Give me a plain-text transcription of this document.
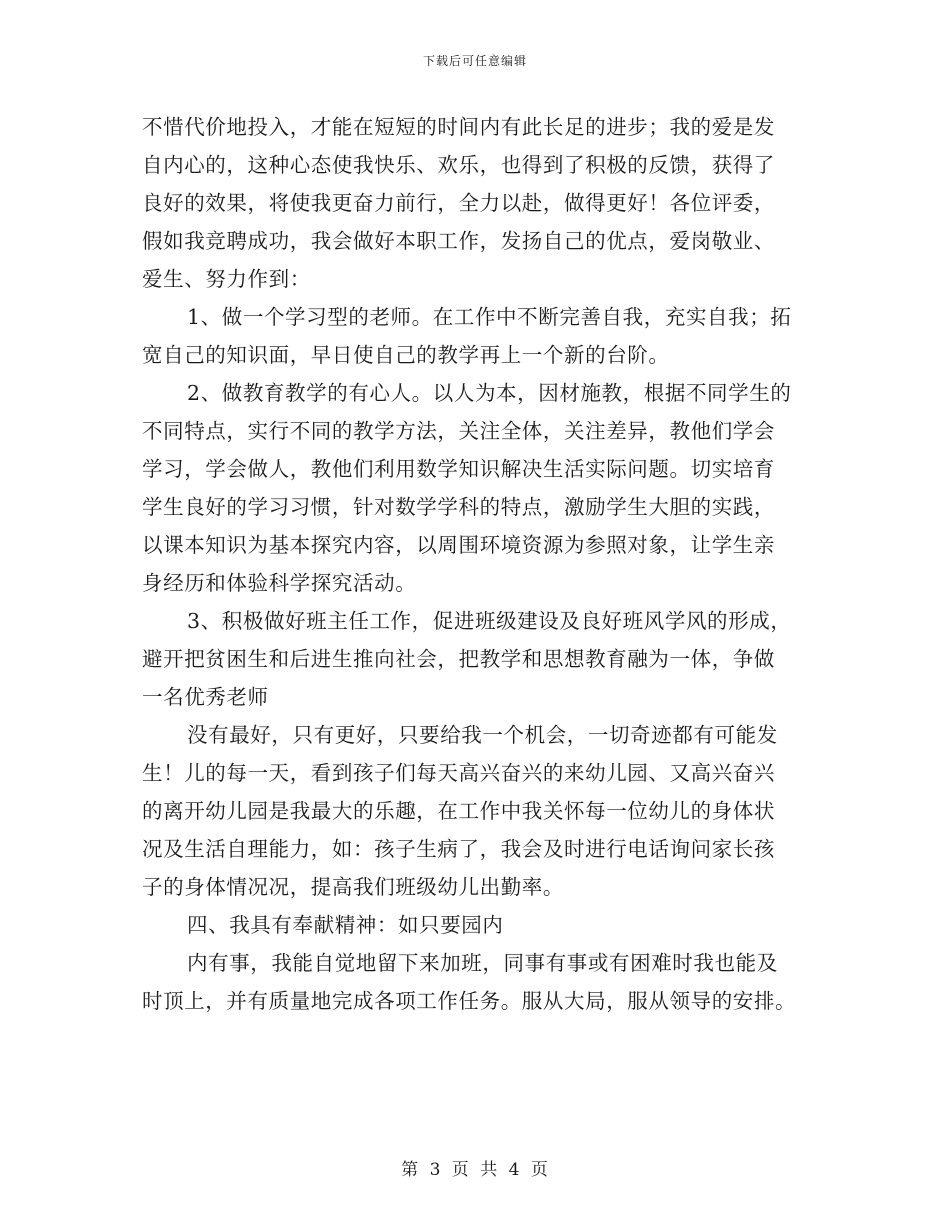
下载后可任意编辑
不惜代价地投入，才能在短短的时间内有此长足的进步；我的爱是发
自内心的，这种心态使我快乐、欢乐，也得到了积极的反馈，获得了
良好的效果，将使我更奋力前行，全力以赴，做得更好！各位评委，
假如我竞聘成功，我会做好本职工作，发扬自己的优点，爱岗敬业、
爱生、努力作到：
1、做一个学习型的老师。在工作中不断完善自我，充实自我；拓
宽自己的知识面，早日使自己的教学再上一个新的台阶。
2、做教育教学的有心人。以人为本，因材施教，根据不同学生的
不同特点，实行不同的教学方法，关注全体，关注差异，教他们学会
学习，学会做人，教他们利用数学知识解决生活实际问题。切实培育
学生良好的学习习惯，针对数学学科的特点，激励学生大胆的实践，
以课本知识为基本探究内容，以周围环境资源为参照对象，让学生亲
身经历和体验科学探究活动。
3、积极做好班主任工作，促进班级建设及良好班风学风的形成，
避开把贫困生和后进生推向社会，把教学和思想教育融为一体，争做
一名优秀老师
没有最好，只有更好，只要给我一个机会，一切奇迹都有可能发
生！儿的每一天，看到孩子们每天高兴奋兴的来幼儿园、又高兴奋兴
的离开幼儿园是我最大的乐趣，在工作中我关怀每一位幼儿的身体状
况及生活自理能力，如：孩子生病了，我会及时进行电话询问家长孩
子的身体情况况，提高我们班级幼儿出勤率。
四、我具有奉献精神：如只要园内
内有事，我能自觉地留下来加班，同事有事或有困难时我也能及
时顶上，并有质量地完成各项工作任务。服从大局，服从领导的安排。
第 3 页 共 4 页
